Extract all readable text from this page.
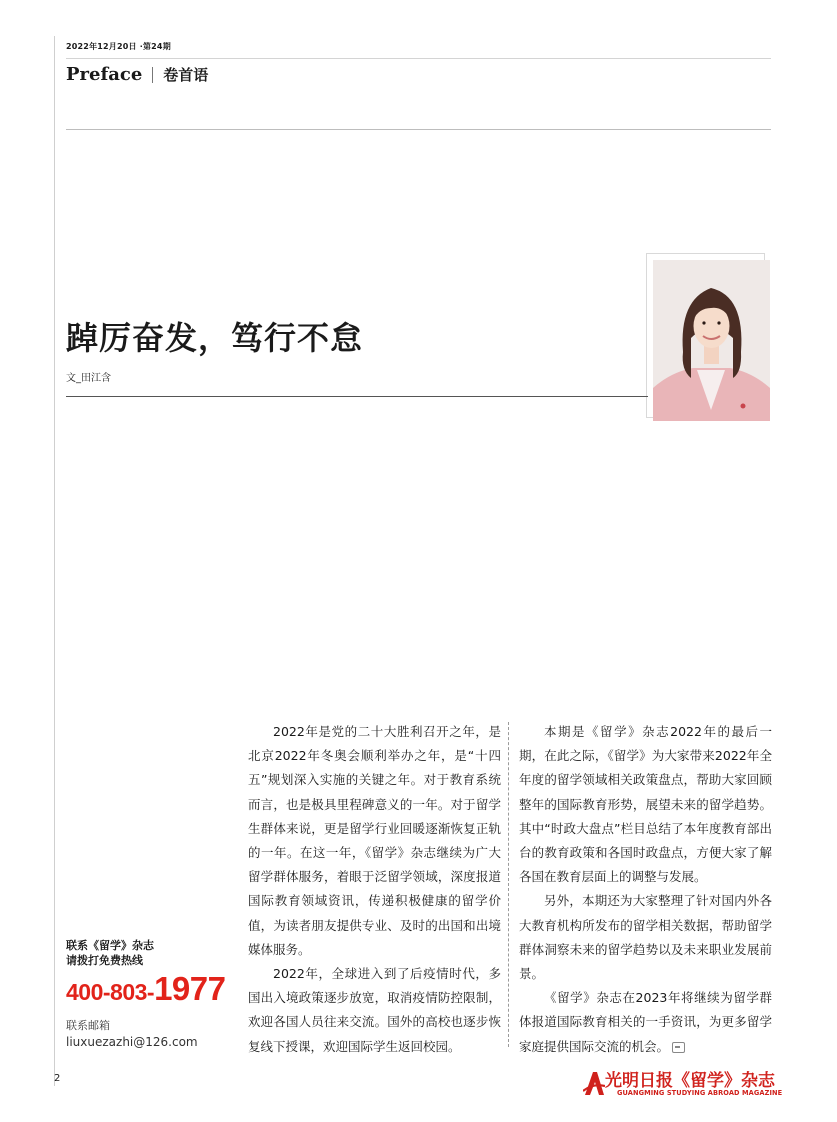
2022年12月20日 ·第24期
Preface 卷首语
踔厉奋发，笃行不怠
文_田江含

2022年是党的二十大胜利召开之年，是北京2022年冬奥会顺利举办之年，是“十四五”规划深入实施的关键之年。对于教育系统而言，也是极具里程碑意义的一年。对于留学生群体来说，更是留学行业回暖逐渐恢复正轨的一年。在这一年，《留学》杂志继续为广大留学群体服务，着眼于泛留学领域，深度报道国际教育领域资讯，传递积极健康的留学价值，为读者朋友提供专业、及时的出国和出境媒体服务。

2022年，全球进入到了后疫情时代，多国出入境政策逐步放宽，取消疫情防控限制，欢迎各国人员往来交流。国外的高校也逐步恢复线下授课，欢迎国际学生返回校园。

本期是《留学》杂志2022年的最后一期，在此之际，《留学》为大家带来2022年全年度的留学领域相关政策盘点，帮助大家回顾整年的国际教育形势，展望未来的留学趋势。其中“时政大盘点”栏目总结了本年度教育部出台的教育政策和各国时政盘点，方便大家了解各国在教育层面上的调整与发展。

另外，本期还为大家整理了针对国内外各大教育机构所发布的留学相关数据，帮助留学群体洞察未来的留学趋势以及未来职业发展前景。

《留学》杂志在2023年将继续为留学群体报道国际教育相关的一手资讯，为更多留学家庭提供国际交流的机会。

联系《留学》杂志
请拨打免费热线
400-803-1977
联系邮箱
liuxuezazhi@126.com
2	光明日报《留学》杂志
GUANGMING STUDYING ABROAD MAGAZINE
